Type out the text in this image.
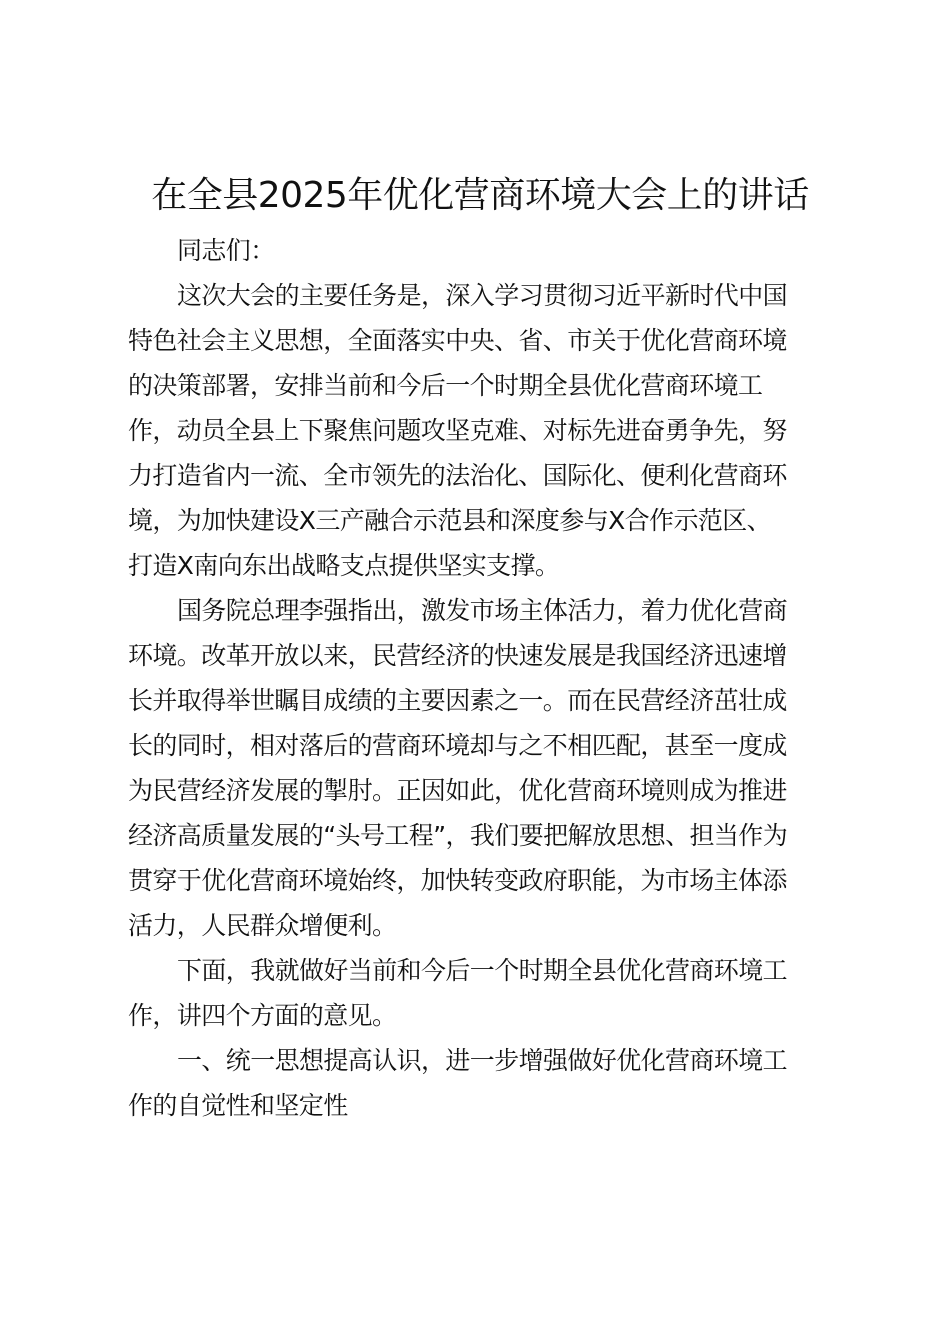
在全县2025年优化营商环境大会上的讲话

同志们：

这次大会的主要任务是，深入学习贯彻习近平新时代中国
特色社会主义思想，全面落实中央、省、市关于优化营商环境
的决策部署，安排当前和今后一个时期全县优化营商环境工
作，动员全县上下聚焦问题攻坚克难、对标先进奋勇争先，努
力打造省内一流、全市领先的法治化、国际化、便利化营商环
境，为加快建设X三产融合示范县和深度参与X合作示范区、
打造X南向东出战略支点提供坚实支撑。

国务院总理李强指出，激发市场主体活力，着力优化营商
环境。改革开放以来，民营经济的快速发展是我国经济迅速增
长并取得举世瞩目成绩的主要因素之一。而在民营经济茁壮成
长的同时，相对落后的营商环境却与之不相匹配，甚至一度成
为民营经济发展的掣肘。正因如此，优化营商环境则成为推进
经济高质量发展的“头号工程”，我们要把解放思想、担当作为
贯穿于优化营商环境始终，加快转变政府职能，为市场主体添
活力，人民群众增便利。

下面，我就做好当前和今后一个时期全县优化营商环境工
作，讲四个方面的意见。

一、统一思想提高认识，进一步增强做好优化营商环境工
作的自觉性和坚定性
